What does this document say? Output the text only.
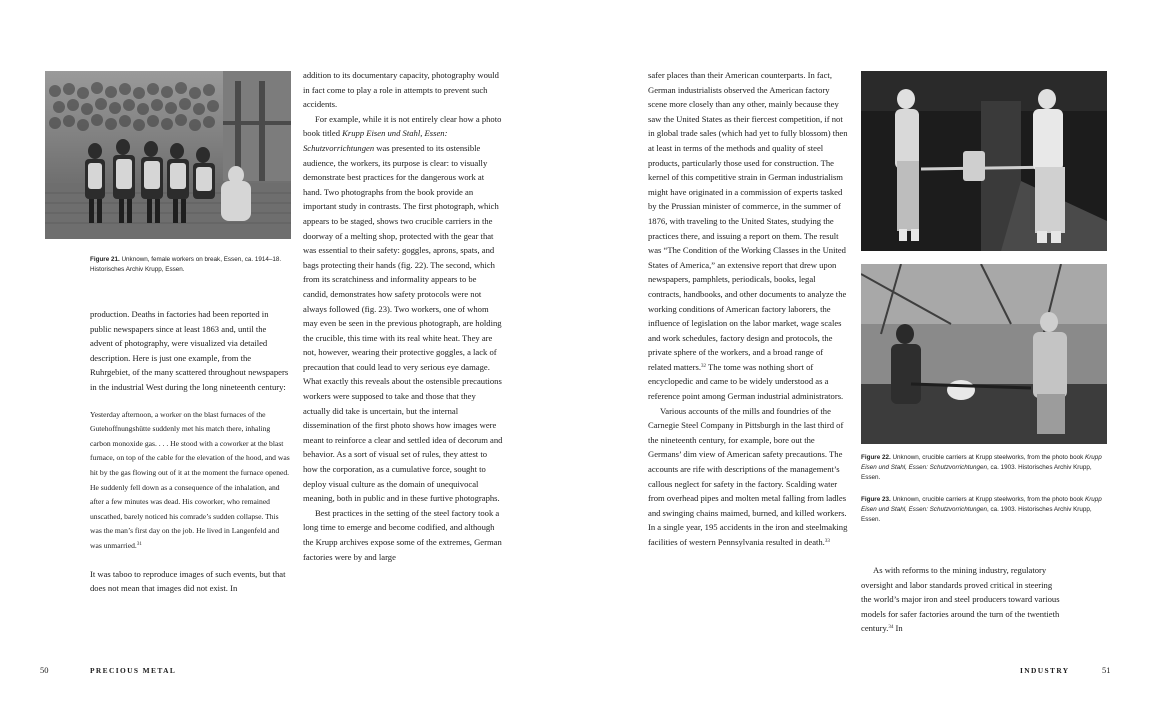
Figure 21. Unknown, female workers on break, Essen, ca. 1914–18. Historisches Archiv Krupp, Essen.

production. Deaths in factories had been reported in public newspapers since at least 1863 and, until the advent of photography, were visualized via detailed description. Here is just one example, from the Ruhrgebiet, of the many scattered throughout newspapers in the industrial West during the long nineteenth century:

Yesterday afternoon, a worker on the blast furnaces of the Gutehoffnungshütte suddenly met his match there, inhaling carbon monoxide gas. . . . He stood with a coworker at the blast furnace, on top of the cable for the elevation of the hood, and was hit by the gas flowing out of it at the moment the furnace opened. He suddenly fell down as a consequence of the inhalation, and after a few minutes was dead. His coworker, who remained unscathed, barely noticed his comrade’s sudden collapse. This was the man’s first day on the job. He lived in Langenfeld and was unmarried.$^{31}$

It was taboo to reproduce images of such events, but that does not mean that images did not exist. In

addition to its documentary capacity, photography would in fact come to play a role in attempts to prevent such accidents.

For example, while it is not entirely clear how a photo book titled Krupp Eisen und Stahl, Essen: Schutzvorrichtungen was presented to its ostensible audience, the workers, its purpose is clear: to visually demonstrate best practices for the dangerous work at hand. Two photographs from the book provide an important study in contrasts. The first photograph, which appears to be staged, shows two crucible carriers in the doorway of a melting shop, protected with the gear that was essential to their safety: goggles, aprons, spats, and bags protecting their hands (fig. 22). The second, which from its scratchiness and informality appears to be candid, demonstrates how safety protocols were not always followed (fig. 23). Two workers, one of whom may even be seen in the previous photograph, are holding the crucible, this time with its real white heat. They are not, however, wearing their protective goggles, a lack of precaution that could lead to very serious eye damage. What exactly this reveals about the ostensible precautions workers were supposed to take and those that they actually did take is uncertain, but the internal dissemination of the first photo shows how images were meant to reinforce a clear and settled idea of decorum and behavior. As a sort of visual set of rules, they attest to how the corporation, as a cumulative force, sought to deploy visual culture as the domain of unequivocal meaning, both in public and in these furtive photographs.

Best practices in the setting of the steel factory took a long time to emerge and become codified, and although the Krupp archives expose some of the extremes, German factories were by and large

50	PRECIOUS METAL

safer places than their American counterparts. In fact, German industrialists observed the American factory scene more closely than any other, mainly because they saw the United States as their fiercest competition, if not in global trade sales (which had yet to fully blossom) then at least in terms of the methods and quality of steel products, particularly those used for construction. The kernel of this competitive strain in German industrialism might have originated in a commission of experts tasked by the Prussian minister of commerce, in the summer of 1876, with traveling to the United States, studying the practices there, and issuing a report on them. The result was “The Condition of the Working Classes in the United States of America,” an extensive report that drew upon newspapers, pamphlets, periodicals, books, legal contracts, handbooks, and other documents to analyze the working conditions of American factory laborers, the influence of legislation on the labor market, wage scales and work schedules, factory design and protocols, the private sphere of the workers, and a broad range of related matters.$^{32}$ The tome was nothing short of encyclopedic and came to be widely understood as a reference point among German industrial administrators.

Various accounts of the mills and foundries of the Carnegie Steel Company in Pittsburgh in the last third of the nineteenth century, for example, bore out the Germans’ dim view of American safety precautions. The accounts are rife with descriptions of the management’s callous neglect for safety in the factory. Scalding water from overhead pipes and molten metal falling from ladles and swinging chains maimed, burned, and killed workers. In a single year, 195 accidents in the iron and steelmaking facilities of western Pennsylvania resulted in death.$^{33}$

Figure 22. Unknown, crucible carriers at Krupp steelworks, from the photo book Krupp Eisen und Stahl, Essen: Schutzvorrichtungen, ca. 1903. Historisches Archiv Krupp, Essen.
Figure 23. Unknown, crucible carriers at Krupp steelworks, from the photo book Krupp Eisen und Stahl, Essen: Schutzvorrichtungen, ca. 1903. Historisches Archiv Krupp, Essen.

As with reforms to the mining industry, regulatory oversight and labor standards proved critical in steering the world’s major iron and steel producers toward various models for safer factories around the turn of the twentieth century.$^{34}$ In

INDUSTRY	51
